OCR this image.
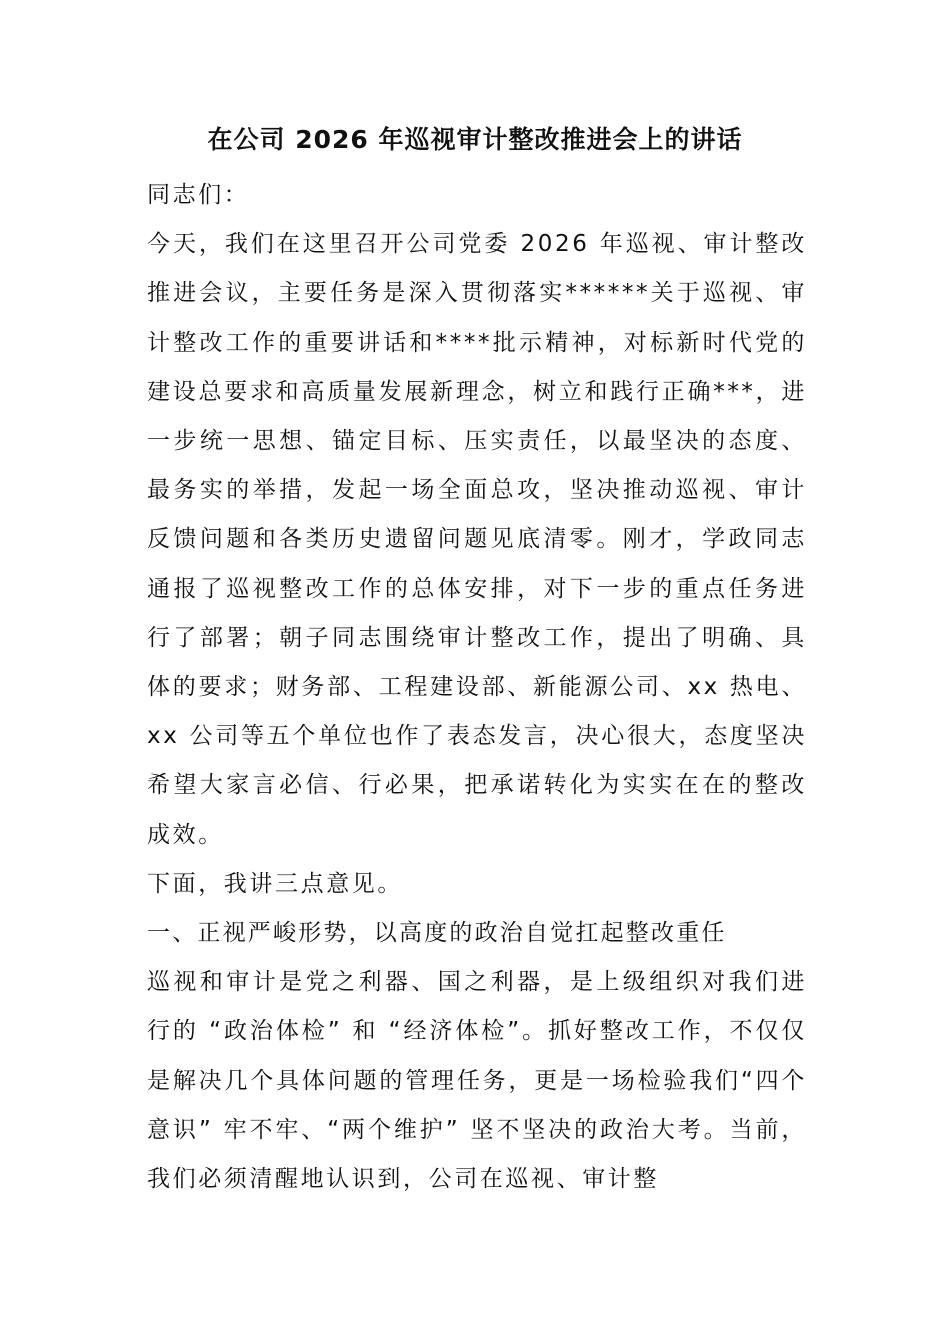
在公司 2026 年巡视审计整改推进会上的讲话

同志们：

今天，我们在这里召开公司党委 2026 年巡视、审计整改推进会议，主要任务是深入贯彻落实******关于巡视、审计整改工作的重要讲话和****批示精神，对标新时代党的建设总要求和高质量发展新理念，树立和践行正确***，进一步统一思想、锚定目标、压实责任，以最坚决的态度、最务实的举措，发起一场全面总攻，坚决推动巡视、审计反馈问题和各类历史遗留问题见底清零。刚才，学政同志通报了巡视整改工作的总体安排，对下一步的重点任务进行了部署；朝子同志围绕审计整改工作，提出了明确、具体的要求；财务部、工程建设部、新能源公司、xx 热电、xx 公司等五个单位也作了表态发言，决心很大，态度坚决希望大家言必信、行必果，把承诺转化为实实在在的整改成效。

下面，我讲三点意见。

一、正视严峻形势，以高度的政治自觉扛起整改重任

巡视和审计是党之利器、国之利器，是上级组织对我们进行的 “政治体检” 和 “经济体检”。抓好整改工作，不仅仅是解决几个具体问题的管理任务，更是一场检验我们“四个意识” 牢不牢、“两个维护” 坚不坚决的政治大考。当前，我们必须清醒地认识到，公司在巡视、审计整
